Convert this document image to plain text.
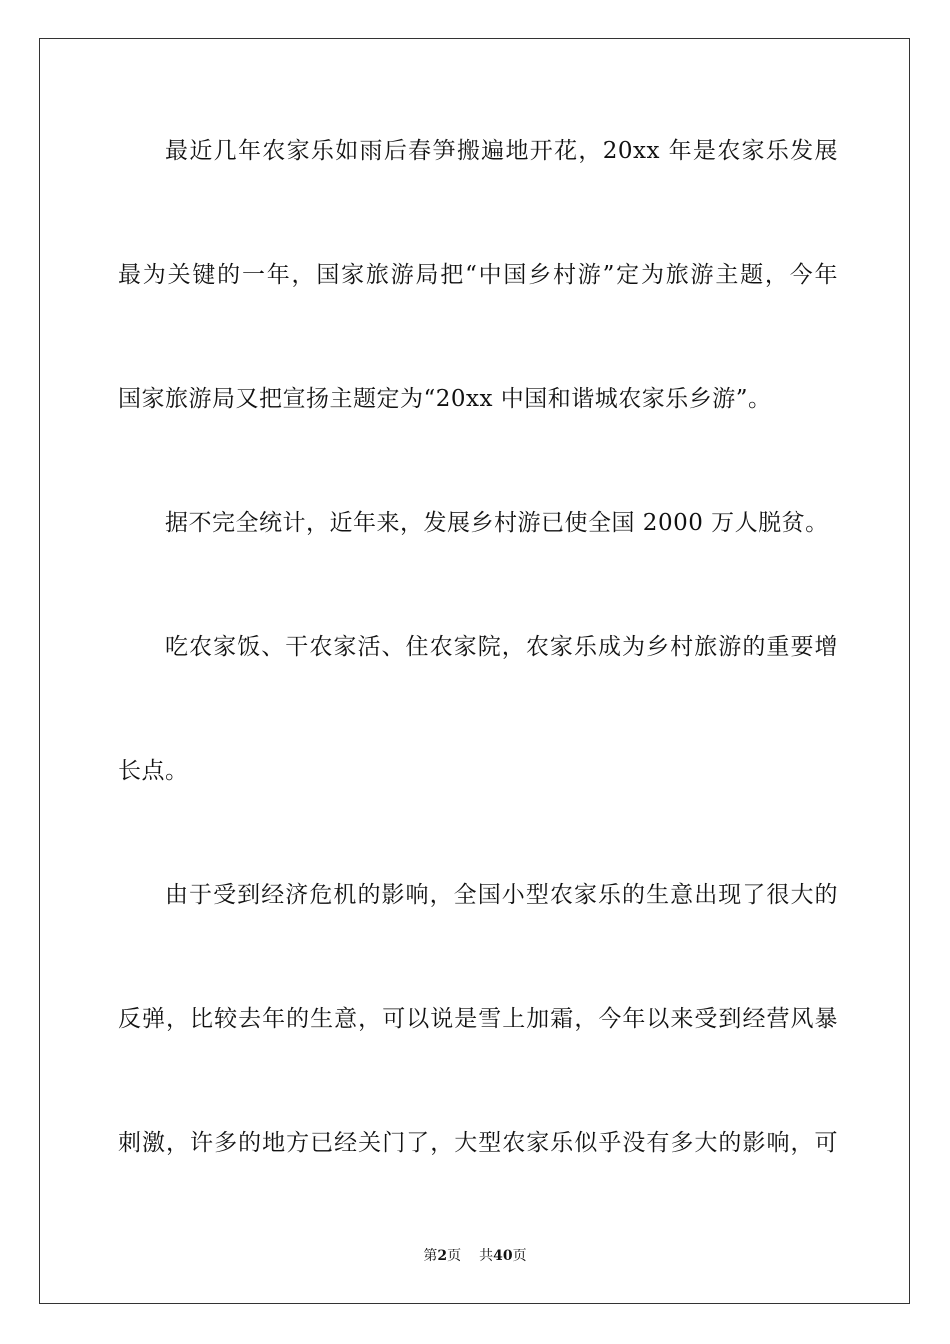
最近几年农家乐如雨后春笋搬遍地开花，20xx 年是农家乐发展
最为关键的一年，国家旅游局把“中国乡村游”定为旅游主题，今年
国家旅游局又把宣扬主题定为“20xx 中国和谐城农家乐乡游”。
据不完全统计，近年来，发展乡村游已使全国 2000 万人脱贫。
吃农家饭、干农家活、住农家院，农家乐成为乡村旅游的重要增
长点。
由于受到经济危机的影响，全国小型农家乐的生意出现了很大的
反弹，比较去年的生意，可以说是雪上加霜，今年以来受到经营风暴
刺激，许多的地方已经关门了，大型农家乐似乎没有多大的影响，可
第2页 共40页
